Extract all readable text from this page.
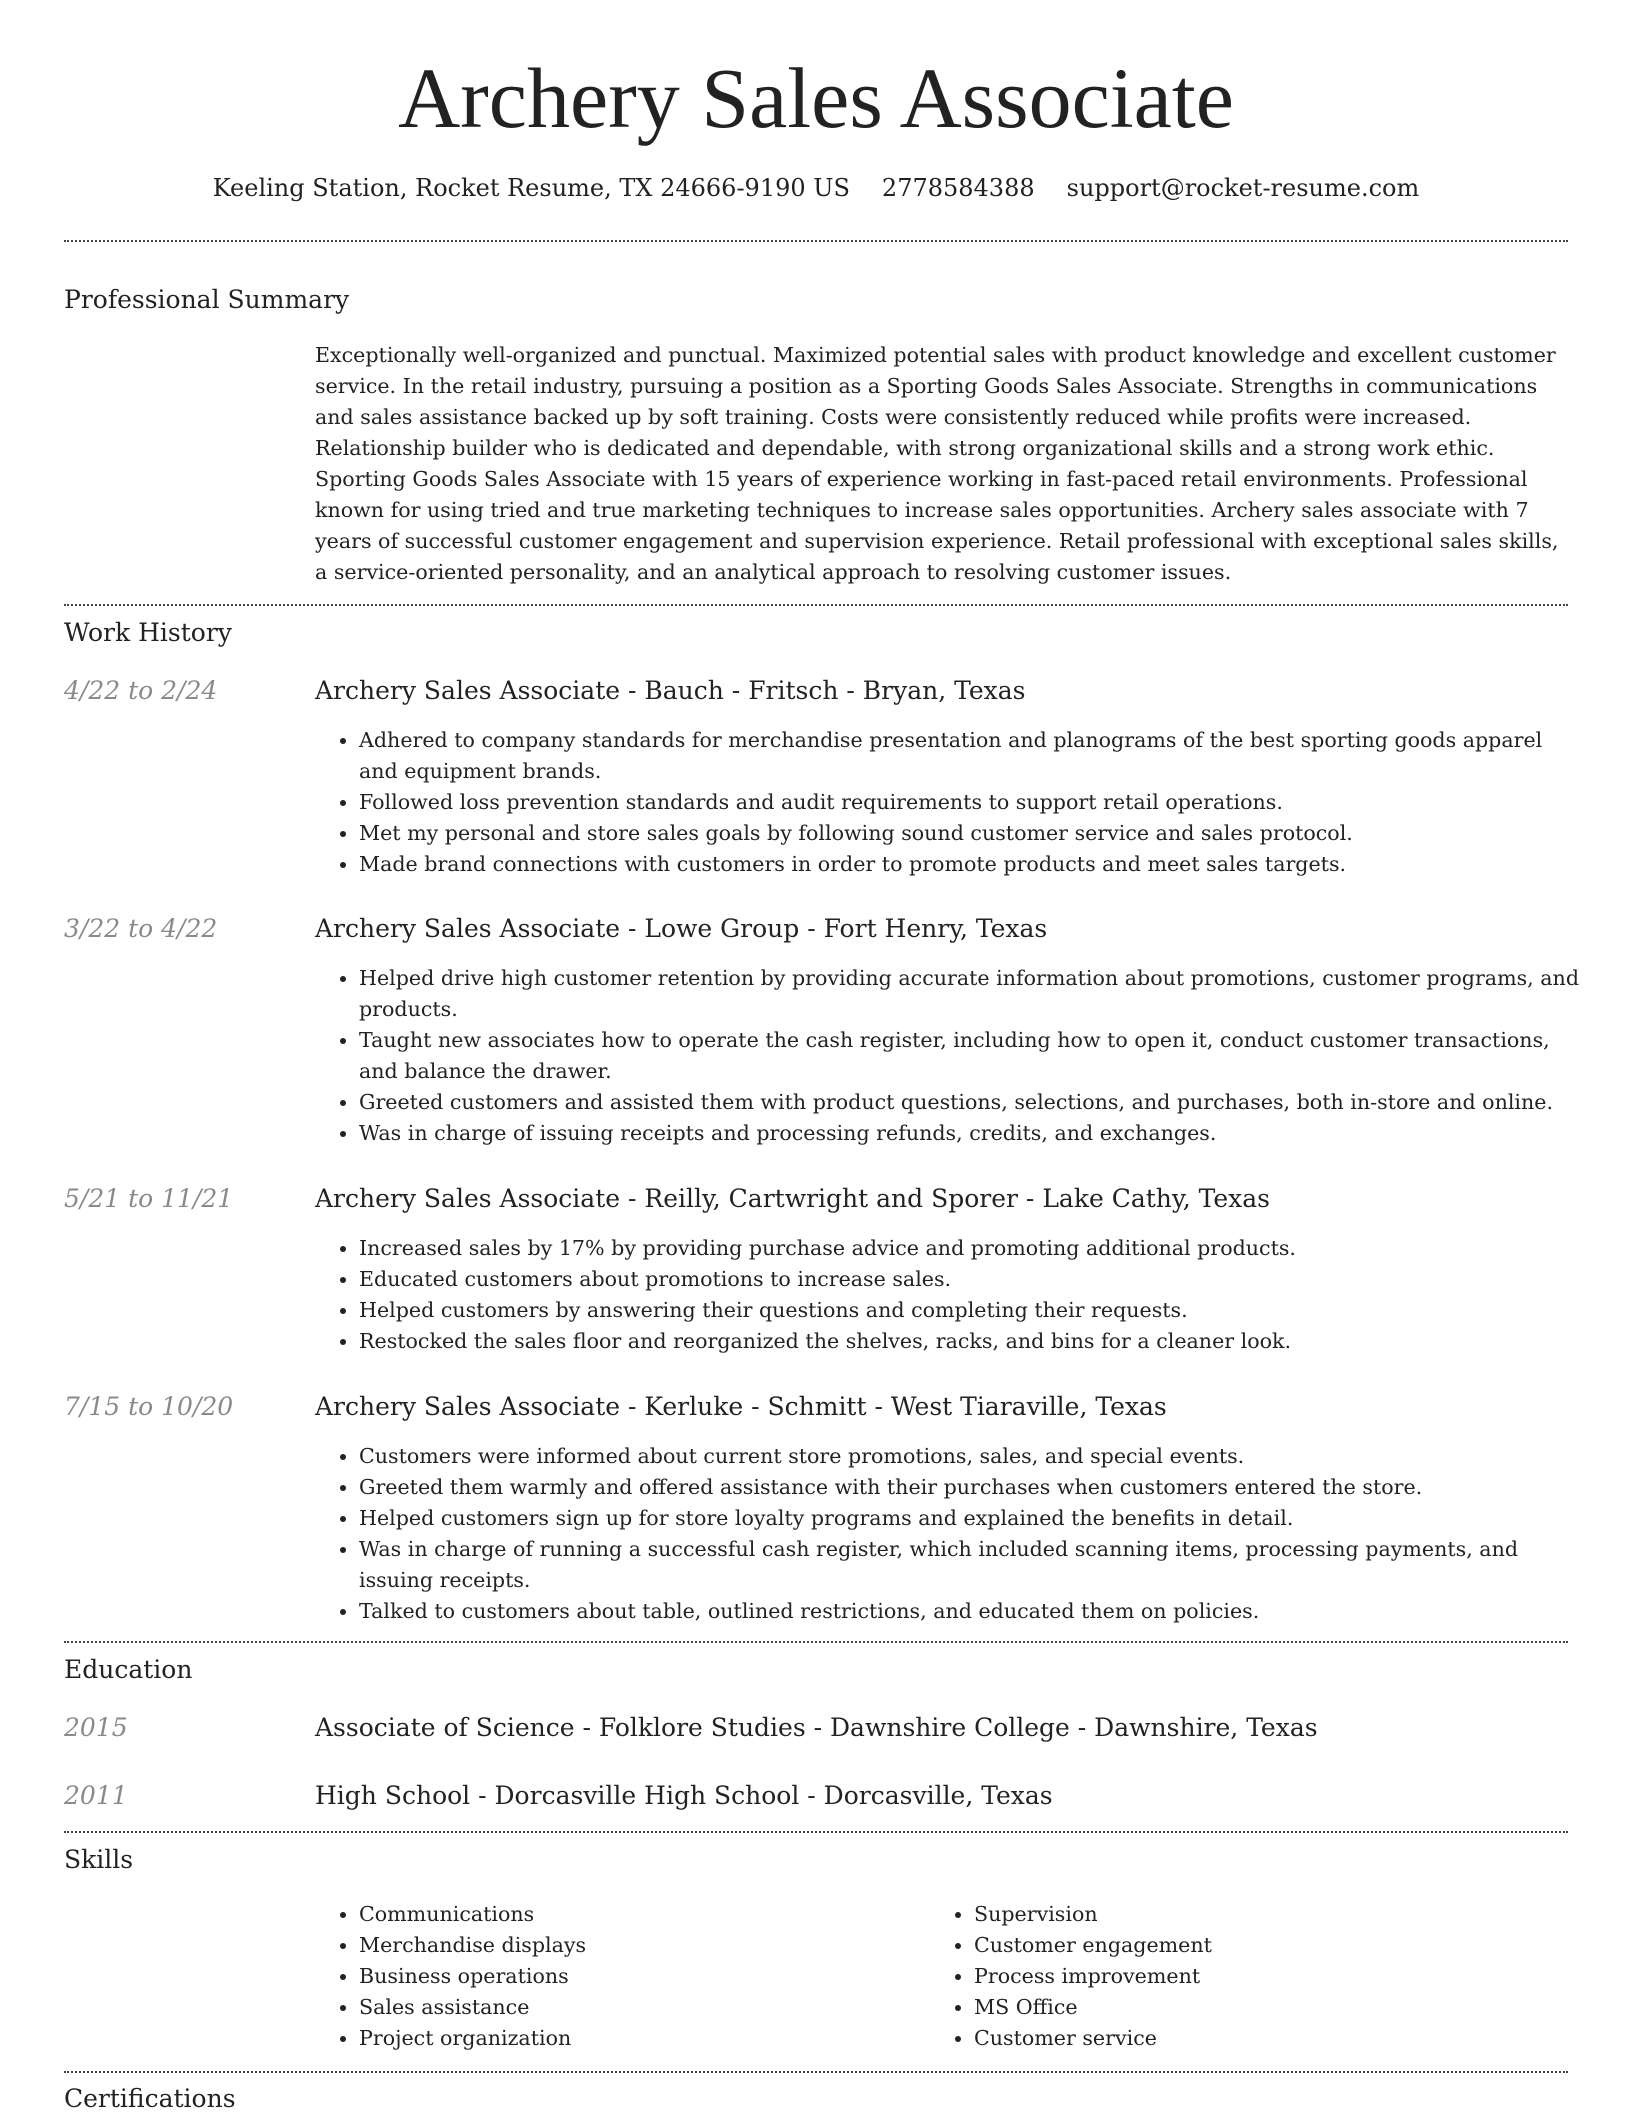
Archery Sales Associate
Keeling Station, Rocket Resume, TX 24666-9190 US 2778584388 support@rocket-resume.com
Professional Summary
Exceptionally well-organized and punctual. Maximized potential sales with product knowledge and excellent customer service. In the retail industry, pursuing a position as a Sporting Goods Sales Associate. Strengths in communications and sales assistance backed up by soft training. Costs were consistently reduced while profits were increased. Relationship builder who is dedicated and dependable, with strong organizational skills and a strong work ethic. Sporting Goods Sales Associate with 15 years of experience working in fast-paced retail environments. Professional known for using tried and true marketing techniques to increase sales opportunities. Archery sales associate with 7 years of successful customer engagement and supervision experience. Retail professional with exceptional sales skills, a service-oriented personality, and an analytical approach to resolving customer issues.
Work History
4/22 to 2/24	Archery Sales Associate - Bauch - Fritsch - Bryan, Texas
• Adhered to company standards for merchandise presentation and planograms of the best sporting goods apparel and equipment brands.
• Followed loss prevention standards and audit requirements to support retail operations.
• Met my personal and store sales goals by following sound customer service and sales protocol.
• Made brand connections with customers in order to promote products and meet sales targets.
3/22 to 4/22	Archery Sales Associate - Lowe Group - Fort Henry, Texas
• Helped drive high customer retention by providing accurate information about promotions, customer programs, and products.
• Taught new associates how to operate the cash register, including how to open it, conduct customer transactions, and balance the drawer.
• Greeted customers and assisted them with product questions, selections, and purchases, both in-store and online.
• Was in charge of issuing receipts and processing refunds, credits, and exchanges.
5/21 to 11/21	Archery Sales Associate - Reilly, Cartwright and Sporer - Lake Cathy, Texas
• Increased sales by 17% by providing purchase advice and promoting additional products.
• Educated customers about promotions to increase sales.
• Helped customers by answering their questions and completing their requests.
• Restocked the sales floor and reorganized the shelves, racks, and bins for a cleaner look.
7/15 to 10/20	Archery Sales Associate - Kerluke - Schmitt - West Tiaraville, Texas
• Customers were informed about current store promotions, sales, and special events.
• Greeted them warmly and offered assistance with their purchases when customers entered the store.
• Helped customers sign up for store loyalty programs and explained the benefits in detail.
• Was in charge of running a successful cash register, which included scanning items, processing payments, and issuing receipts.
• Talked to customers about table, outlined restrictions, and educated them on policies.
Education
2015	Associate of Science - Folklore Studies - Dawnshire College - Dawnshire, Texas
2011	High School - Dorcasville High School - Dorcasville, Texas
Skills
• Communications
• Merchandise displays
• Business operations
• Sales assistance
• Project organization
• Supervision
• Customer engagement
• Process improvement
• MS Office
• Customer service
Certifications
